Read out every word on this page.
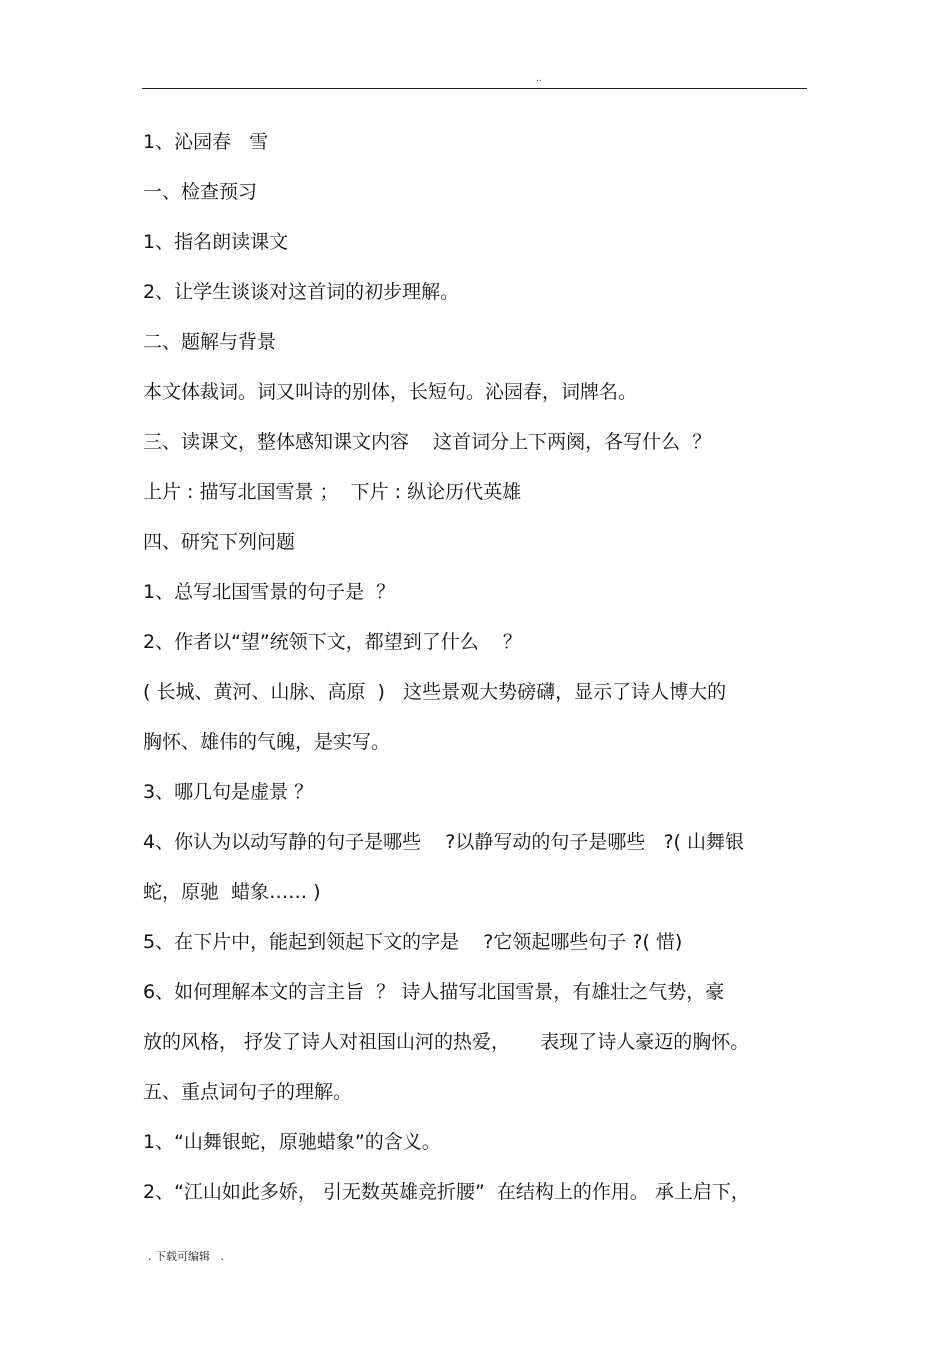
..
1、沁园春   雪
一、检查预习
1、指名朗读课文
2、让学生谈谈对这首词的初步理解。
二、题解与背景
本文体裁词。词又叫诗的别体，长短句。沁园春，词牌名。
三、读课文，整体感知课文内容    这首词分上下两阕，各写什么  ？
上片 : 描写北国雪景 ；  下片 : 纵论历代英雄
四、研究下列问题
1、总写北国雪景的句子是  ？
2、作者以“望”统领下文，都望到了什么    ？
( 长城、黄河、山脉、高原  )   这些景观大势磅礴，显示了诗人博大的
胸怀、雄伟的气魄，是实写。
3、哪几句是虚景 ？
4、你认为以动写静的句子是哪些    ?以静写动的句子是哪些   ?( 山舞银
蛇，原驰  蜡象…… )
5、在下片中，能起到领起下文的字是    ?它领起哪些句子 ?( 惜)
6、如何理解本文的言主旨  ？ 诗人描写北国雪景，有雄壮之气势，豪
放的风格， 抒发了诗人对祖国山河的热爱，     表现了诗人豪迈的胸怀。
五、重点词句子的理解。
1、“山舞银蛇，原驰蜡象”的含义。
2、“江山如此多娇， 引无数英雄竞折腰”  在结构上的作用。 承上启下，
. 下载可编辑   .
